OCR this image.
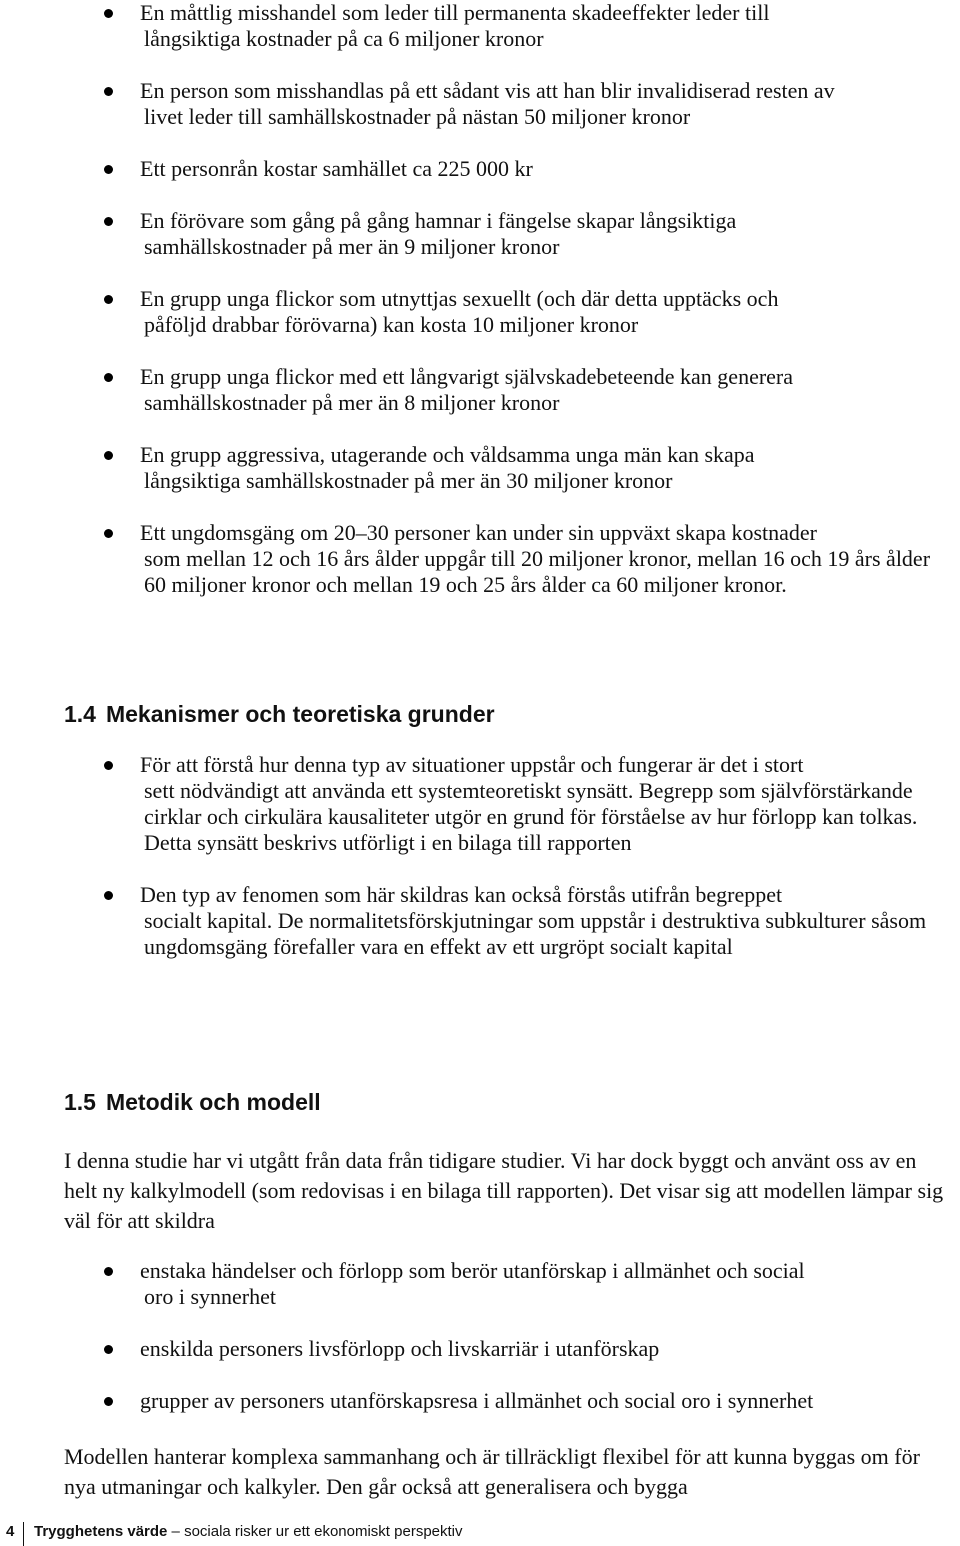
En måttlig misshandel som leder till permanenta skadeeffekter leder till
långsiktiga kostnader på ca 6 miljoner kronor
En person som misshandlas på ett sådant vis att han blir invalidiserad resten av
livet leder till samhällskostnader på nästan 50 miljoner kronor
Ett personrån kostar samhället ca 225 000 kr
En förövare som gång på gång hamnar i fängelse skapar långsiktiga
samhällskostnader på mer än 9 miljoner kronor
En grupp unga flickor som utnyttjas sexuellt (och där detta upptäcks och
påföljd drabbar förövarna) kan kosta 10 miljoner kronor
En grupp unga flickor med ett långvarigt självskadebeteende kan generera
samhällskostnader på mer än 8 miljoner kronor
En grupp aggressiva, utagerande och våldsamma unga män kan skapa
långsiktiga samhällskostnader på mer än 30 miljoner kronor
Ett ungdomsgäng om 20–30 personer kan under sin uppväxt skapa kostnader
som mellan 12 och 16 års ålder uppgår till 20 miljoner kronor, mellan 16 och 19 års ålder 60 miljoner kronor och mellan 19 och 25 års ålder ca 60 miljoner kronor.
1.4 Mekanismer och teoretiska grunder
För att förstå hur denna typ av situationer uppstår och fungerar är det i stort
sett nödvändigt att använda ett systemteoretiskt synsätt. Begrepp som självförstärkande cirklar och cirkulära kausaliteter utgör en grund för förståelse av hur förlopp kan tolkas. Detta synsätt beskrivs utförligt i en bilaga till rapporten
Den typ av fenomen som här skildras kan också förstås utifrån begreppet
socialt kapital. De normalitetsförskjutningar som uppstår i destruktiva subkulturer såsom ungdomsgäng förefaller vara en effekt av ett urgröpt socialt kapital
1.5 Metodik och modell

I denna studie har vi utgått från data från tidigare studier. Vi har dock byggt och använt oss av en helt ny kalkylmodell (som redovisas i en bilaga till rapporten). Det visar sig att modellen lämpar sig väl för att skildra

enstaka händelser och förlopp som berör utanförskap i allmänhet och social
oro i synnerhet
enskilda personers livsförlopp och livskarriär i utanförskap
grupper av personers utanförskapsresa i allmänhet och social oro i synnerhet

Modellen hanterar komplexa sammanhang och är tillräckligt flexibel för att kunna byggas om för nya utmaningar och kalkyler. Den går också att generalisera och bygga

4 Trygghetens värde – sociala risker ur ett ekonomiskt perspektiv
